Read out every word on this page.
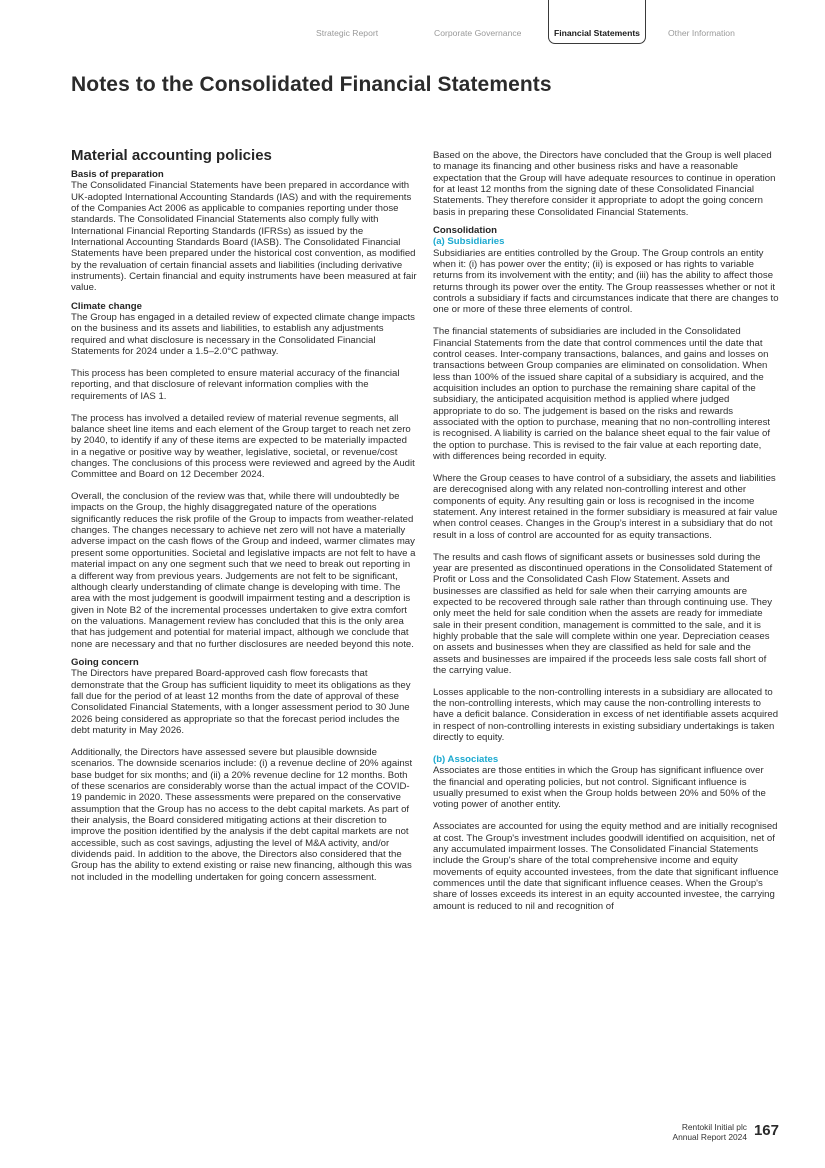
Strategic Report	Corporate Governance	Financial Statements	Other Information
Notes to the Consolidated Financial Statements
Material accounting policies
Basis of preparation

The Consolidated Financial Statements have been prepared in accordance with UK-adopted International Accounting Standards (IAS) and with the requirements of the Companies Act 2006 as applicable to companies reporting under those standards. The Consolidated Financial Statements also comply fully with International Financial Reporting Standards (IFRSs) as issued by the International Accounting Standards Board (IASB). The Consolidated Financial Statements have been prepared under the historical cost convention, as modified by the revaluation of certain financial assets and liabilities (including derivative instruments). Certain financial and equity instruments have been measured at fair value.

Climate change

The Group has engaged in a detailed review of expected climate change impacts on the business and its assets and liabilities, to establish any adjustments required and what disclosure is necessary in the Consolidated Financial Statements for 2024 under a 1.5–2.0°C pathway.

This process has been completed to ensure material accuracy of the financial reporting, and that disclosure of relevant information complies with the requirements of IAS 1.

The process has involved a detailed review of material revenue segments, all balance sheet line items and each element of the Group target to reach net zero by 2040, to identify if any of these items are expected to be materially impacted in a negative or positive way by weather, legislative, societal, or revenue/cost changes. The conclusions of this process were reviewed and agreed by the Audit Committee and Board on 12 December 2024.

Overall, the conclusion of the review was that, while there will undoubtedly be impacts on the Group, the highly disaggregated nature of the operations significantly reduces the risk profile of the Group to impacts from weather-related changes. The changes necessary to achieve net zero will not have a materially adverse impact on the cash flows of the Group and indeed, warmer climates may present some opportunities. Societal and legislative impacts are not felt to have a material impact on any one segment such that we need to break out reporting in a different way from previous years. Judgements are not felt to be significant, although clearly understanding of climate change is developing with time. The area with the most judgement is goodwill impairment testing and a description is given in Note B2 of the incremental processes undertaken to give extra comfort on the valuations. Management review has concluded that this is the only area that has judgement and potential for material impact, although we conclude that none are necessary and that no further disclosures are needed beyond this note.

Going concern

The Directors have prepared Board-approved cash flow forecasts that demonstrate that the Group has sufficient liquidity to meet its obligations as they fall due for the period of at least 12 months from the date of approval of these Consolidated Financial Statements, with a longer assessment period to 30 June 2026 being considered as appropriate so that the forecast period includes the debt maturity in May 2026.

Additionally, the Directors have assessed severe but plausible downside scenarios. The downside scenarios include: (i) a revenue decline of 20% against base budget for six months; and (ii) a 20% revenue decline for 12 months. Both of these scenarios are considerably worse than the actual impact of the COVID-19 pandemic in 2020. These assessments were prepared on the conservative assumption that the Group has no access to the debt capital markets. As part of their analysis, the Board considered mitigating actions at their discretion to improve the position identified by the analysis if the debt capital markets are not accessible, such as cost savings, adjusting the level of M&A activity, and/or dividends paid. In addition to the above, the Directors also considered that the Group has the ability to extend existing or raise new financing, although this was not included in the modelling undertaken for going concern assessment.

Based on the above, the Directors have concluded that the Group is well placed to manage its financing and other business risks and have a reasonable expectation that the Group will have adequate resources to continue in operation for at least 12 months from the signing date of these Consolidated Financial Statements. They therefore consider it appropriate to adopt the going concern basis in preparing these Consolidated Financial Statements.

Consolidation
(a) Subsidiaries

Subsidiaries are entities controlled by the Group. The Group controls an entity when it: (i) has power over the entity; (ii) is exposed or has rights to variable returns from its involvement with the entity; and (iii) has the ability to affect those returns through its power over the entity. The Group reassesses whether or not it controls a subsidiary if facts and circumstances indicate that there are changes to one or more of these three elements of control.

The financial statements of subsidiaries are included in the Consolidated Financial Statements from the date that control commences until the date that control ceases. Inter-company transactions, balances, and gains and losses on transactions between Group companies are eliminated on consolidation. When less than 100% of the issued share capital of a subsidiary is acquired, and the acquisition includes an option to purchase the remaining share capital of the subsidiary, the anticipated acquisition method is applied where judged appropriate to do so. The judgement is based on the risks and rewards associated with the option to purchase, meaning that no non-controlling interest is recognised. A liability is carried on the balance sheet equal to the fair value of the option to purchase. This is revised to the fair value at each reporting date, with differences being recorded in equity.

Where the Group ceases to have control of a subsidiary, the assets and liabilities are derecognised along with any related non-controlling interest and other components of equity. Any resulting gain or loss is recognised in the income statement. Any interest retained in the former subsidiary is measured at fair value when control ceases. Changes in the Group’s interest in a subsidiary that do not result in a loss of control are accounted for as equity transactions.

The results and cash flows of significant assets or businesses sold during the year are presented as discontinued operations in the Consolidated Statement of Profit or Loss and the Consolidated Cash Flow Statement. Assets and businesses are classified as held for sale when their carrying amounts are expected to be recovered through sale rather than through continuing use. They only meet the held for sale condition when the assets are ready for immediate sale in their present condition, management is committed to the sale, and it is highly probable that the sale will complete within one year. Depreciation ceases on assets and businesses when they are classified as held for sale and the assets and businesses are impaired if the proceeds less sale costs fall short of the carrying value.

Losses applicable to the non-controlling interests in a subsidiary are allocated to the non-controlling interests, which may cause the non-controlling interests to have a deficit balance. Consideration in excess of net identifiable assets acquired in respect of non-controlling interests in existing subsidiary undertakings is taken directly to equity.

(b) Associates

Associates are those entities in which the Group has significant influence over the financial and operating policies, but not control. Significant influence is usually presumed to exist when the Group holds between 20% and 50% of the voting power of another entity.

Associates are accounted for using the equity method and are initially recognised at cost. The Group's investment includes goodwill identified on acquisition, net of any accumulated impairment losses. The Consolidated Financial Statements include the Group's share of the total comprehensive income and equity movements of equity accounted investees, from the date that significant influence commences until the date that significant influence ceases. When the Group's share of losses exceeds its interest in an equity accounted investee, the carrying amount is reduced to nil and recognition of

Rentokil Initial plc
Annual Report 2024 167
